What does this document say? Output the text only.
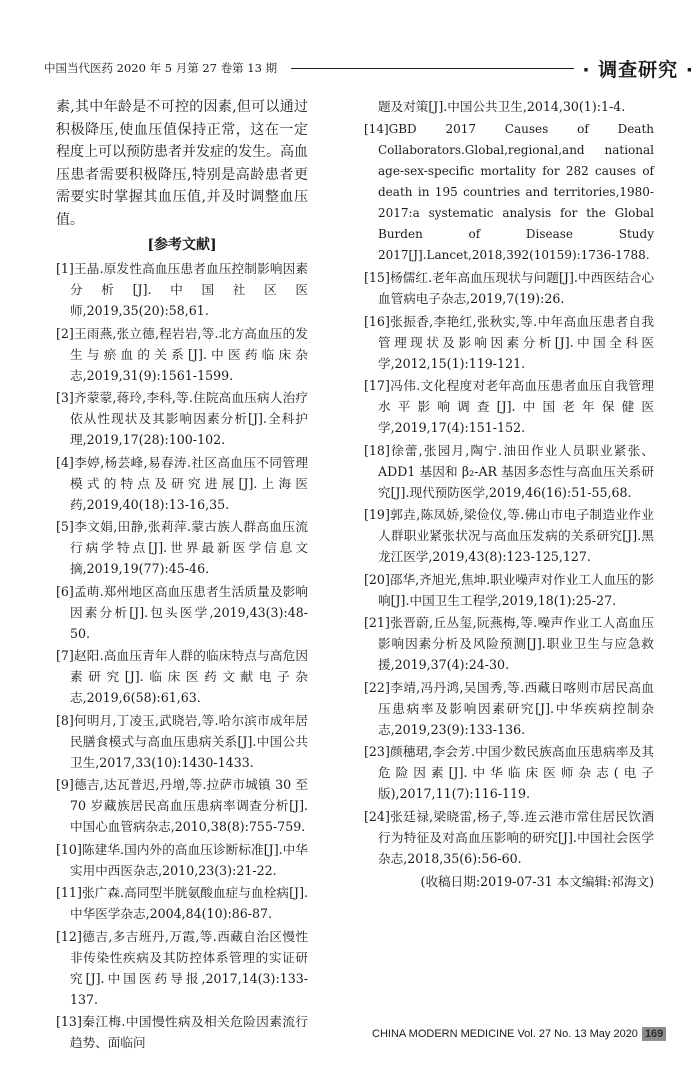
中国当代医药 2020 年 5 月第 27 卷第 13 期	· 调查研究 ·

素,其中年龄是不可控的因素,但可以通过积极降压,使血压值保持正常，这在一定程度上可以预防患者并发症的发生。高血压患者需要积极降压,特别是高龄患者更需要实时掌握其血压值,并及时调整血压值。

[参考文献]
[1]王晶.原发性高血压患者血压控制影响因素分析[J].中国社区医师,2019,35(20):58,61.
[2]王雨燕,张立德,程岩岩,等.北方高血压的发生与瘀血的关系[J].中医药临床杂志,2019,31(9):1561-1599.
[3]齐蒙蒙,蒋玲,李科,等.住院高血压病人治疗依从性现状及其影响因素分析[J].全科护理,2019,17(28):100-102.
[4]李婷,杨芸峰,易春涛.社区高血压不同管理模式的特点及研究进展[J].上海医药,2019,40(18):13-16,35.
[5]李文娟,田静,张莉萍.蒙古族人群高血压流行病学特点[J].世界最新医学信息文摘,2019,19(77):45-46.
[6]孟萌.郑州地区高血压患者生活质量及影响因素分析[J].包头医学,2019,43(3):48-50.
[7]赵阳.高血压青年人群的临床特点与高危因素研究[J].临床医药文献电子杂志,2019,6(58):61,63.
[8]何明月,丁凌玉,武晓岩,等.哈尔滨市成年居民膳食模式与高血压患病关系[J].中国公共卫生,2017,33(10):1430-1433.
[9]德吉,达瓦普迟,丹增,等.拉萨市城镇 30 至 70 岁藏族居民高血压患病率调查分析[J].中国心血管病杂志,2010,38(8):755-759.
[10]陈建华.国内外的高血压诊断标准[J].中华实用中西医杂志,2010,23(3):21-22.
[11]张广森.高同型半胱氨酸血症与血栓病[J].中华医学杂志,2004,84(10):86-87.
[12]德吉,多吉班丹,万霞,等.西藏自治区慢性非传染性疾病及其防控体系管理的实证研究[J].中国医药导报,2017,14(3):133-137.
[13]秦江梅.中国慢性病及相关危险因素流行趋势、面临问
题及对策[J].中国公共卫生,2014,30(1):1-4.
[14]GBD 2017 Causes of Death Collaborators.Global,regional,and national age-sex-specific mortality for 282 causes of death in 195 countries and territories,1980-2017:a systematic analysis for the Global Burden of Disease Study 2017[J].Lancet,2018,392(10159):1736-1788.
[15]杨儒红.老年高血压现状与问题[J].中西医结合心血管病电子杂志,2019,7(19):26.
[16]张振香,李艳红,张秋实,等.中年高血压患者自我管理现状及影响因素分析[J].中国全科医学,2012,15(1):119-121.
[17]冯伟.文化程度对老年高血压患者血压自我管理水平影响调查[J].中国老年保健医学,2019,17(4):151-152.
[18]徐蕾,张园月,陶宁.油田作业人员职业紧张、ADD1 基因和 β₂-AR 基因多态性与高血压关系研究[J].现代预防医学,2019,46(16):51-55,68.
[19]郭垚,陈凤娇,梁俭仪,等.佛山市电子制造业作业人群职业紧张状况与高血压发病的关系研究[J].黑龙江医学,2019,43(8):123-125,127.
[20]邵华,齐旭光,焦坤.职业噪声对作业工人血压的影响[J].中国卫生工程学,2019,18(1):25-27.
[21]张晋蔚,丘丛玺,阮燕梅,等.噪声作业工人高血压影响因素分析及风险预测[J].职业卫生与应急救援,2019,37(4):24-30.
[22]李靖,冯丹鸿,吴国秀,等.西藏日喀则市居民高血压患病率及影响因素研究[J].中华疾病控制杂志,2019,23(9):133-136.
[23]颜穗珺,李会芳.中国少数民族高血压患病率及其危险因素[J].中华临床医师杂志(电子版),2017,11(7):116-119.
[24]张廷禄,梁晓雷,杨子,等.连云港市常住居民饮酒行为特征及对高血压影响的研究[J].中国社会医学杂志,2018,35(6):56-60.
(收稿日期:2019-07-31 本文编辑:祁海文)
CHINA MODERN MEDICINE Vol. 27 No. 13 May 2020 169
